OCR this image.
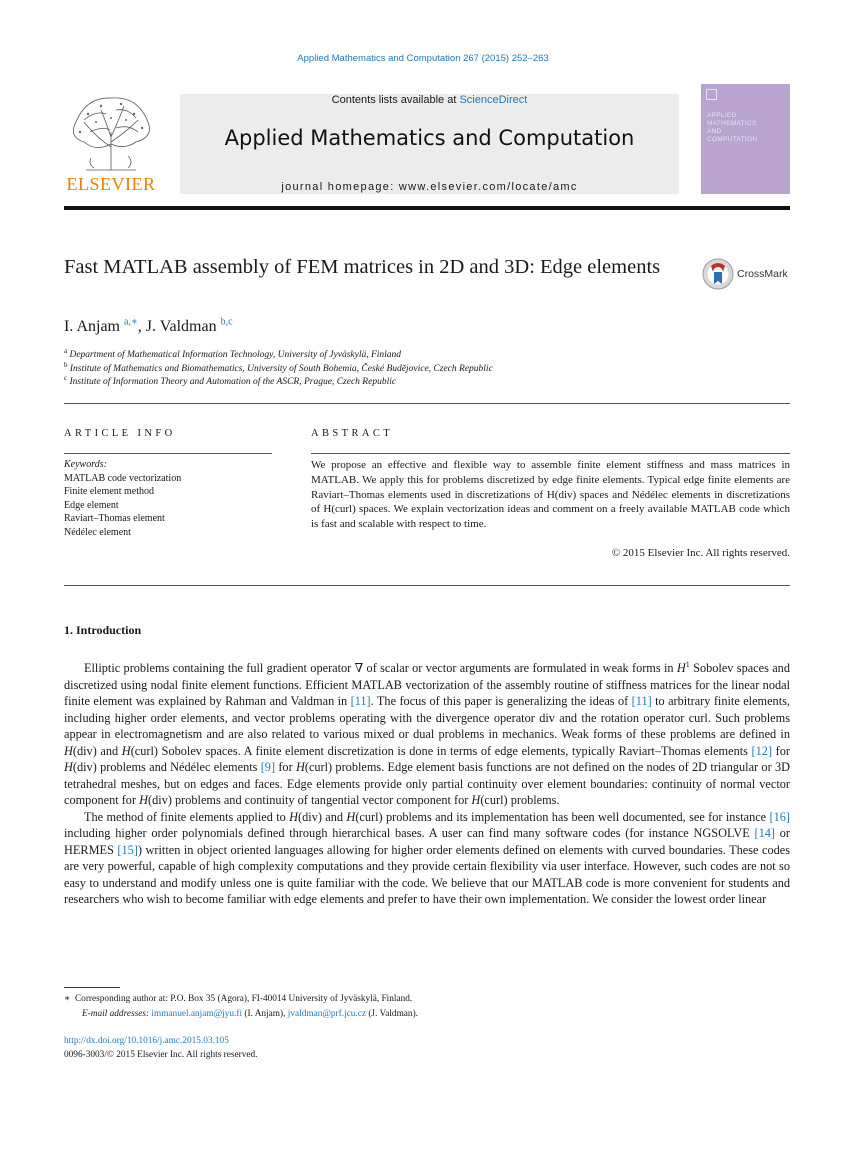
Applied Mathematics and Computation 267 (2015) 252–263
ELSEVIER
Contents lists available at ScienceDirect
Applied Mathematics and Computation
journal homepage: www.elsevier.com/locate/amc
APPLIED
MATHEMATICS
AND
COMPUTATION
Fast MATLAB assembly of FEM matrices in 2D and 3D: Edge elements	CrossMark
I. Anjam $^{a,∗}$, J. Valdman $^{b,c}$
$^a$ Department of Mathematical Information Technology, University of Jyväskylä, Finland
$^b$ Institute of Mathematics and Biomathematics, University of South Bohemia, České Budějovice, Czech Republic
$^c$ Institute of Information Theory and Automation of the ASCR, Prague, Czech Republic
ARTICLE INFO	ABSTRACT
Keywords:
MATLAB code vectorization
Finite element method
Edge element
Raviart–Thomas element
Nédélec element
We propose an effective and flexible way to assemble finite element stiffness and mass matrices in MATLAB. We apply this for problems discretized by edge finite elements. Typical edge finite elements are Raviart–Thomas elements used in discretizations of H(div) spaces and Nédélec elements in discretizations of H(curl) spaces. We explain vectorization ideas and comment on a freely available MATLAB code which is fast and scalable with respect to time.
© 2015 Elsevier Inc. All rights reserved.
1. Introduction

Elliptic problems containing the full gradient operator ∇ of scalar or vector arguments are formulated in weak forms in $H^1$ Sobolev spaces and discretized using nodal finite element functions. Efficient MATLAB vectorization of the assembly routine of stiffness matrices for the linear nodal finite element was explained by Rahman and Valdman in [11]. The focus of this paper is generalizing the ideas of [11] to arbitrary finite elements, including higher order elements, and vector problems operating with the divergence operator div and the rotation operator curl. Such problems appear in electromagnetism and are also related to various mixed or dual problems in mechanics. Weak forms of these problems are defined in H(div) and H(curl) Sobolev spaces. A finite element discretization is done in terms of edge elements, typically Raviart–Thomas elements [12] for H(div) problems and Nédélec elements [9] for H(curl) problems. Edge element basis functions are not defined on the nodes of 2D triangular or 3D tetrahedral meshes, but on edges and faces. Edge elements provide only partial continuity over element boundaries: continuity of normal vector component for H(div) problems and continuity of tangential vector component for H(curl) problems.

The method of finite elements applied to H(div) and H(curl) problems and its implementation has been well documented, see for instance [16] including higher order polynomials defined through hierarchical bases. A user can find many software codes (for instance NGSOLVE [14] or HERMES [15]) written in object oriented languages allowing for higher order elements defined on elements with curved boundaries. These codes are very powerful, capable of high complexity computations and they provide certain flexibility via user interface. However, such codes are not so easy to understand and modify unless one is quite familiar with the code. We believe that our MATLAB code is more convenient for students and researchers who wish to become familiar with edge elements and prefer to have their own implementation. We consider the lowest order linear

∗ Corresponding author at: P.O. Box 35 (Agora), FI-40014 University of Jyväskylä, Finland.
E-mail addresses: immanuel.anjam@jyu.fi (I. Anjam), jvaldman@prf.jcu.cz (J. Valdman).
http://dx.doi.org/10.1016/j.amc.2015.03.105
0096-3003/© 2015 Elsevier Inc. All rights reserved.
